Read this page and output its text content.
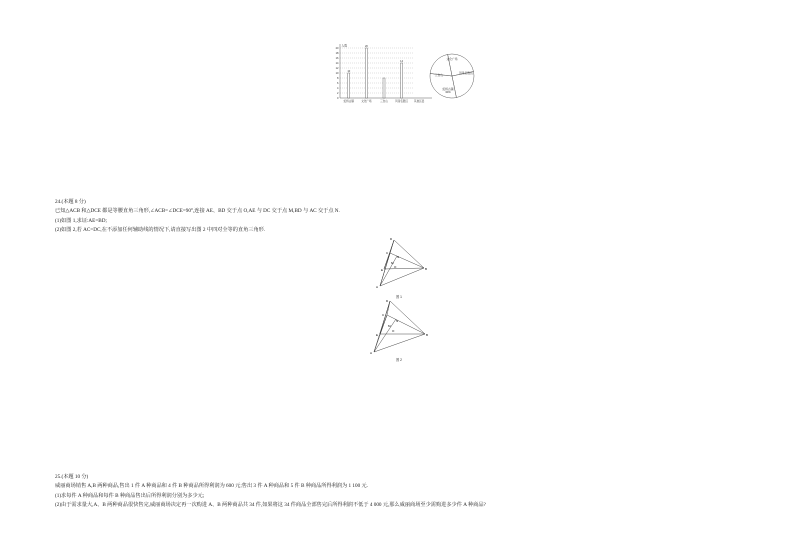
0
2
4
6
8
10
12
14
16
18
20
人数
10
20
14
虹桥古镇	文化广场	三台山	风景名胜区 其他区县
文化广场
风景名胜区
虹桥古镇
30%
三台山
24.(本题 8 分)
已知△ACB 和△DCE 都是等腰直角三角形,∠ACB=∠DCE=90°,连接 AE、BD 交于点 O,AE 与 DC 交于点 M,BD 与 AC 交于点 N.
(1)如图 1,求证:AE=BD;
(2)如图 2,若 AC=DC,在不添加任何辅助线的情况下,请直接写出图 2 中四对全等的直角三角形.
D
B
A
C
E
M
N
O
图 1
D
B
A
C
E
M
N
O
图 2
25.(本题 10 分)
威丽商场销售 A,B 两种商品,售出 1 件 A 种商品和 4 件 B 种商品所得利润为 600 元;售出 3 件 A 种商品和 5 件 B 种商品所得利润为 1 100 元.
(1)求每件 A 种商品和每件 B 种商品售出后所得利润分别为多少元;
(2)由于需求量大,A、B 两种商品很快售完,威丽商场决定再一次购进 A、B 两种商品共 34 件,如果将这 34 件商品全部售完后所得利润不低于 4 000 元,那么威丽商场至少需购进多少件 A 种商品?
